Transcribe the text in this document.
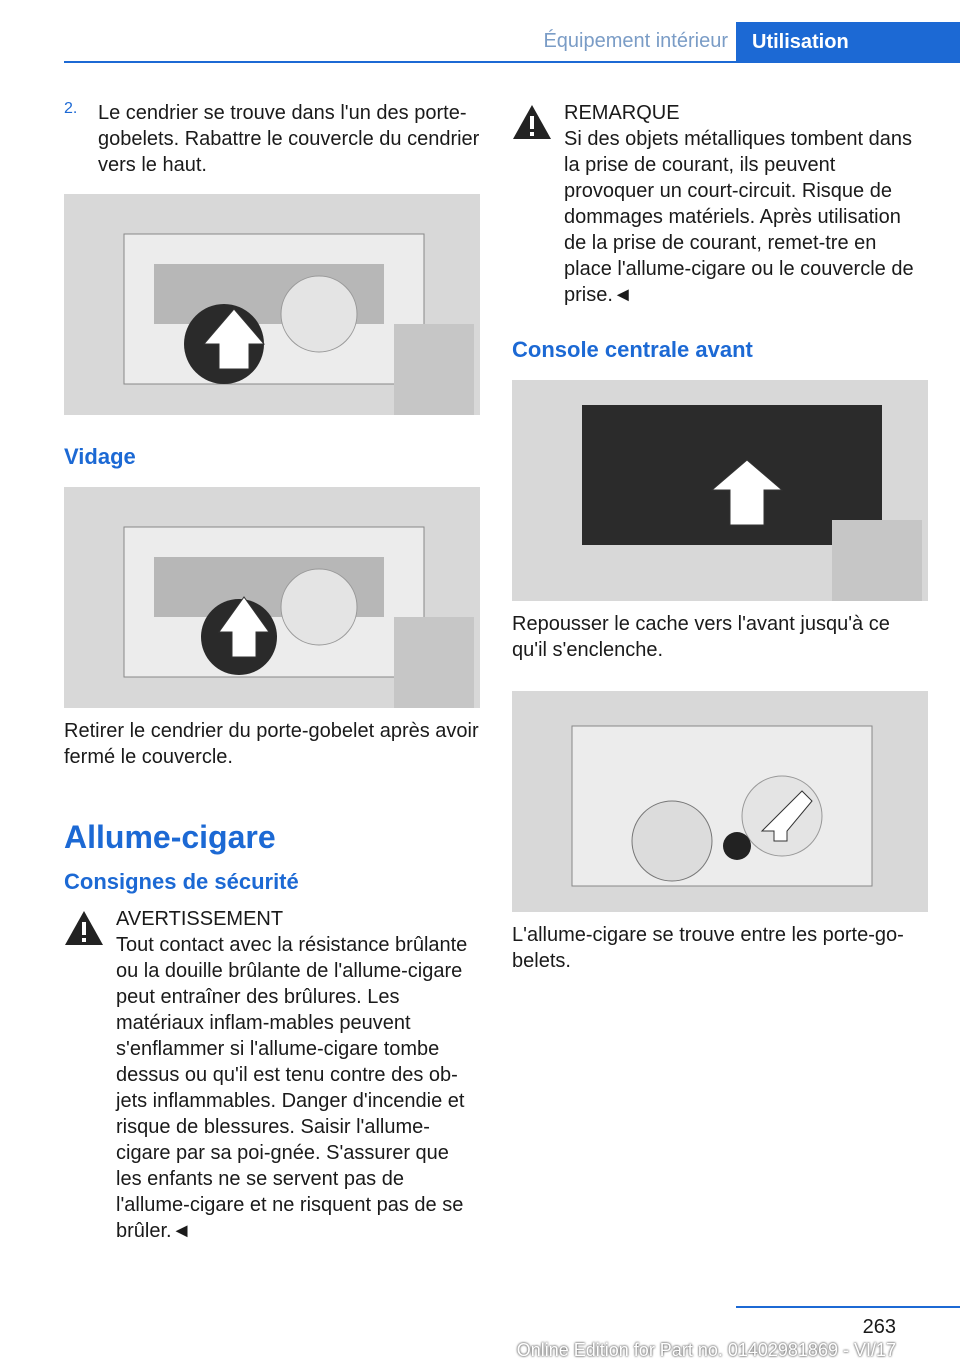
Équipement intérieur	Utilisation
2.	Le cendrier se trouve dans l'un des porte-gobelets. Rabattre le couvercle du cendrier vers le haut.

Vidage

Retirer le cendrier du porte-gobelet après avoir fermé le couvercle.

Allume-cigare

Consignes de sécurité

AVERTISSEMENT

Tout contact avec la résistance brûlante ou la douille brûlante de l'allume-cigare peut entraîner des brûlures. Les matériaux inflam-mables peuvent s'enflammer si l'allume-cigare tombe dessus ou qu'il est tenu contre des ob-jets inflammables. Danger d'incendie et risque de blessures. Saisir l'allume-cigare par sa poi-gnée. S'assurer que les enfants ne se servent pas de l'allume-cigare et ne risquent pas de se brûler.◄

REMARQUE

Si des objets métalliques tombent dans la prise de courant, ils peuvent provoquer un court-circuit. Risque de dommages matériels. Après utilisation de la prise de courant, remet-tre en place l'allume-cigare ou le couvercle de prise.◄

Console centrale avant

Repousser le cache vers l'avant jusqu'à ce qu'il s'enclenche.

L'allume-cigare se trouve entre les porte-go-belets.

263
Online Edition for Part no. 01402981869 - VI/17
